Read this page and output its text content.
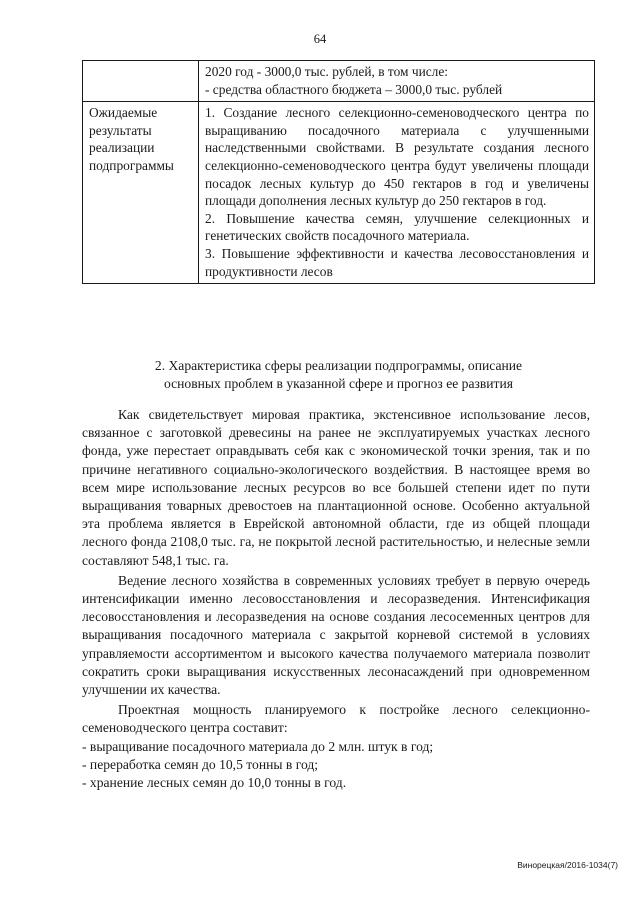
64

	2020 год - 3000,0 тыс. рублей, в том числе:
- средства областного бюджета – 3000,0 тыс. рублей

Ожидаемые результаты реализации подпрограммы	1. Создание лесного селекционно-семеноводческого центра по выращиванию посадочного материала с улучшенными наследственными свойствами. В результате создания лесного селекционно-семеноводческого центра будут увеличены площади посадок лесных культур до 450 гектаров в год и увеличены площади дополнения лесных культур до 250 гектаров в год.
2. Повышение качества семян, улучшение селекционных и генетических свойств посадочного материала.
3. Повышение эффективности и качества лесовосстановления и продуктивности лесов
2. Характеристика сферы реализации подпрограммы, описание
основных проблем в указанной сфере и прогноз ее развития

Как свидетельствует мировая практика, экстенсивное использование лесов, связанное с заготовкой древесины на ранее не эксплуатируемых участках лесного фонда, уже перестает оправдывать себя как с экономической точки зрения, так и по причине негативного социально-экологического воздействия. В настоящее время во всем мире использование лесных ресурсов во все большей степени идет по пути выращивания товарных древостоев на плантационной основе. Особенно актуальной эта проблема является в Еврейской автономной области, где из общей площади лесного фонда 2108,0 тыс. га, не покрытой лесной растительностью, и нелесные земли составляют 548,1 тыс. га.

Ведение лесного хозяйства в современных условиях требует в первую очередь интенсификации именно лесовосстановления и лесоразведения. Интенсификация лесовосстановления и лесоразведения на основе создания лесосеменных центров для выращивания посадочного материала с закрытой корневой системой в условиях управляемости ассортиментом и высокого качества получаемого материала позволит сократить сроки выращивания искусственных лесонасаждений при одновременном улучшении их качества.

Проектная мощность планируемого к постройке лесного селекционно-семеноводческого центра составит:

- выращивание посадочного материала до 2 млн. штук в год;
- переработка семян до 10,5 тонны в год;
- хранение лесных семян до 10,0 тонны в год.
Винорецкая/2016-1034(7)
